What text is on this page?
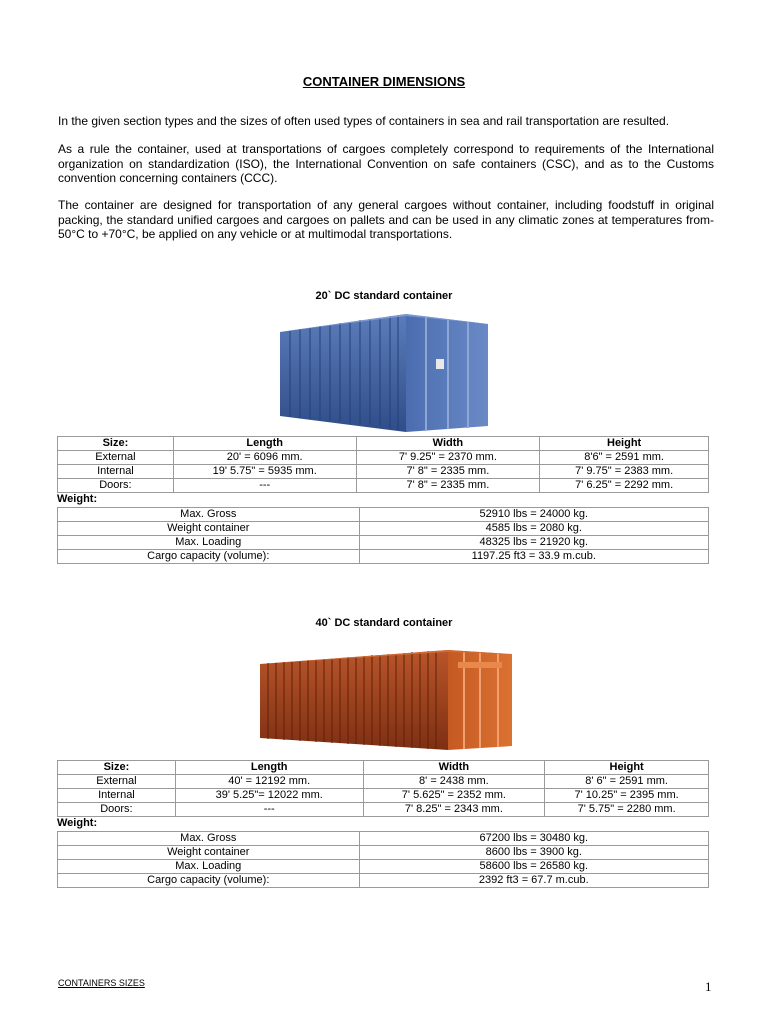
CONTAINER DIMENSIONS

In the given section types and the sizes of often used types of containers in sea and rail transportation are resulted.

As a rule the container, used at transportations of cargoes completely correspond to requirements of the International organization on standardization (ISO), the International Convention on safe containers (CSC), and as to the Customs convention concerning containers (CCC).

The container are designed for transportation of any general cargoes without container, including foodstuff in original packing, the standard unified cargoes and cargoes on pallets and can be used in any climatic zones at temperatures from-50°C to +70°C, be applied on any vehicle or at multimodal transportations.

20` DC standard container
Size:	Length	Width	Height
External	20' = 6096 mm.	7' 9.25" = 2370 mm.	8'6" = 2591 mm.
Internal	19' 5.75" = 5935 mm.	7' 8" = 2335 mm.	7' 9.75" = 2383 mm.
Doors:	---	7' 8" = 2335 mm.	7' 6.25" = 2292 mm.
Weight:
Max. Gross	52910 lbs = 24000 kg.
Weight container	4585 lbs = 2080 kg.
Max. Loading	48325 lbs = 21920 kg.
Cargo capacity (volume):	1197.25 ft3 = 33.9 m.cub.
40` DC standard container
Size:	Length	Width	Height
External	40' = 12192 mm.	8' = 2438 mm.	8' 6" = 2591 mm.
Internal	39' 5.25"= 12022 mm.	7' 5.625" = 2352 mm.	7' 10.25" = 2395 mm.
Doors:	---	7' 8.25" = 2343 mm.	7' 5.75" = 2280 mm.
Weight:
Max. Gross	67200 lbs = 30480 kg.
Weight container	8600 lbs = 3900 kg.
Max. Loading	58600 lbs = 26580 kg.
Cargo capacity (volume):	2392 ft3 = 67.7 m.cub.
CONTAINERS SIZES	1
